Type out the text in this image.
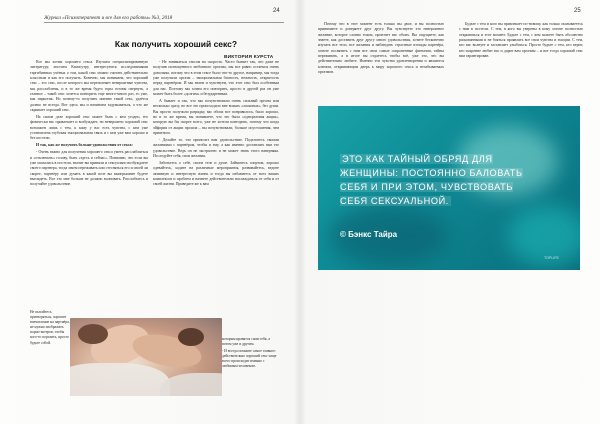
24
Журнал «Психотерапевт и все для его работы» №3, 2018
Как получить хороший секс?
ВИКТОРИЯ КУРСТА

Все мы хотим хорошего секса. Изучаем специализированную литературу, листаем Камасутру, интересуемся исследованиями таргибинных учёных о том, какой секс можно считать действительно классным и как его получить. Конечно, мы понимаем, что хороший секс – это секс, после которого мы переполняет невероятные чувства, мы расслаблены, и в то же время будто горы готовы свернуть, а главное – такой секс хочется повторить еще много-много раз, то уже, как наркотик. Но почему-то получить именно такой секс, удаётся далеко не всегда. Вот здесь мы и начинаем задумываться, а что же скрывает хороший секс.

На самом деле хороший секс может быть с кем угодно, его физически вас привлекает и возбуждает, но невероятно хороший секс возможен лишь с тем, к кому у вас есть чувства, с кем уже установлена глубокая эмоциональная связь и с кем уже вам хорошо и без постели.

И так, как же получить больше удовольствия от секса:

- Очень важно для получения хорошего секса уметь расслабляться и «отключить» голову, быть «здесь и сейчас». Понимаю, что если вы уже оказались в постели, значит вы приняли и сексуально возбуждаете своего партнера, тогда зачем переживать или стесняться его и своей ли скорее, партнёру или думать в какой позе вы выигрышнее будете выглядеть. Все это мне больше не должно волновать. Расслабьтесь и получайте удовольствие.

- Не заниматься сексом на скорость. Часто бывает так, что даже не получив полноценного любовного оргазма, мы все равно остаемся очень довольны, потому что в этом сексе было что-то другое, например, мы тогда уже получили оргазм – эмоциональная близость, нежность, открытость перед партнёром. И мы знаем и чувствуем, что этот секс был особенным для нас. Поэтому мы хотим его повторить, просто в другой раз он уже может быть более «долгим» и безударенным.

А бывает и так, что мы почувствовали очень сильный оргазм или несколько сразу, но все это происходило вне всяких «ласковых», без души. Вы просто получили разрядку, вас обоих все понравилось, было хорошо, но и то же время, вы понимаете, что это была «одноразовая акция», которую вы бы скорее всего, уже не хотели повторить, потому что когда эйфория от акции прошла – вы почувствовали, больше опустошения, чем приятного.

- Делайте то, что приносит вам удовольствие. Поделитесь своими желаниями с партнёром, чтобы и ему, а как именно доставлять вам это удовольствие. Ведь он не экстрасенс и не может знать этого наверняка. Исследуйте себя, свои желания.

Заботьтесь о себе, своем теле и душе. Займитесь спортом, хорошо одевайтесь, ходите на различные мероприятия, развивайтесь, ведите активную и интересную жизнь и тогда вы избавитесь от всех ваших комплексов и проблем и начнете действительно наслаждаться от себя и от своей жизни. Приведите же к вам

Не пытайтесь притворяться, хорошее впечатление на партнёра, не нужно изображать порно-актеров, чтобы кого-то поразить, просто будьте собой.

которым нравятся сами себя, а потом уже и другим.

- И всегда помните самое главное: действительно хороший секс чаще всего происходит именно с любимым человеком.

25

Потому что в этот момент есть только вы двое, и вы полностью принимаете и доверяете друг другу. Вы чувствуете это невероятное желание, которое словно током, пронзает вас обоих. Вы ощущаете, как знаете, как доставить друг другу много удовольствия, хотите бесконечно изучать все тело, все желания и наблюдать страстные взгляды партнёра, хотите посвятить с ним все свои самые сокровенные фантазии, тайны переживать, а в итоге вы отдаетесь чтобы всё, уже это, что вы действительно любите. Именно эти чувства удовлетворения и являются ключом, открывающим дверь к миру хорошего секса и незабываемых оргазмов.

Будьте с тем и кого вы привлекает по-новому, как только оказываетесь с ним в постели. С тем, в кого вы уверены в кому хотите полностью открываться и этот момент. Будьте с тем, с кем можете быть абсолютно раскованными и не бояться проявлять все свои чувства и эмоции. С тем, кто вас волнует и заставляет улыбаться. Просто будьте с тем, кто верит, кто искренне любит вас и дарит вам оргазмы – и вот тогда хороший секс вам гарантирован.

ЭТО КАК ТАЙНЫЙ ОБРЯД ДЛЯ ЖЕНЩИНЫ: ПОСТОЯННО БАЛОВАТЬ СЕБЯ И ПРИ ЭТОМ, ЧУВСТВОВАТЬ СЕБЯ СЕКСУАЛЬНОЙ.
© Бэнкс Тайра
TOPLIFE
